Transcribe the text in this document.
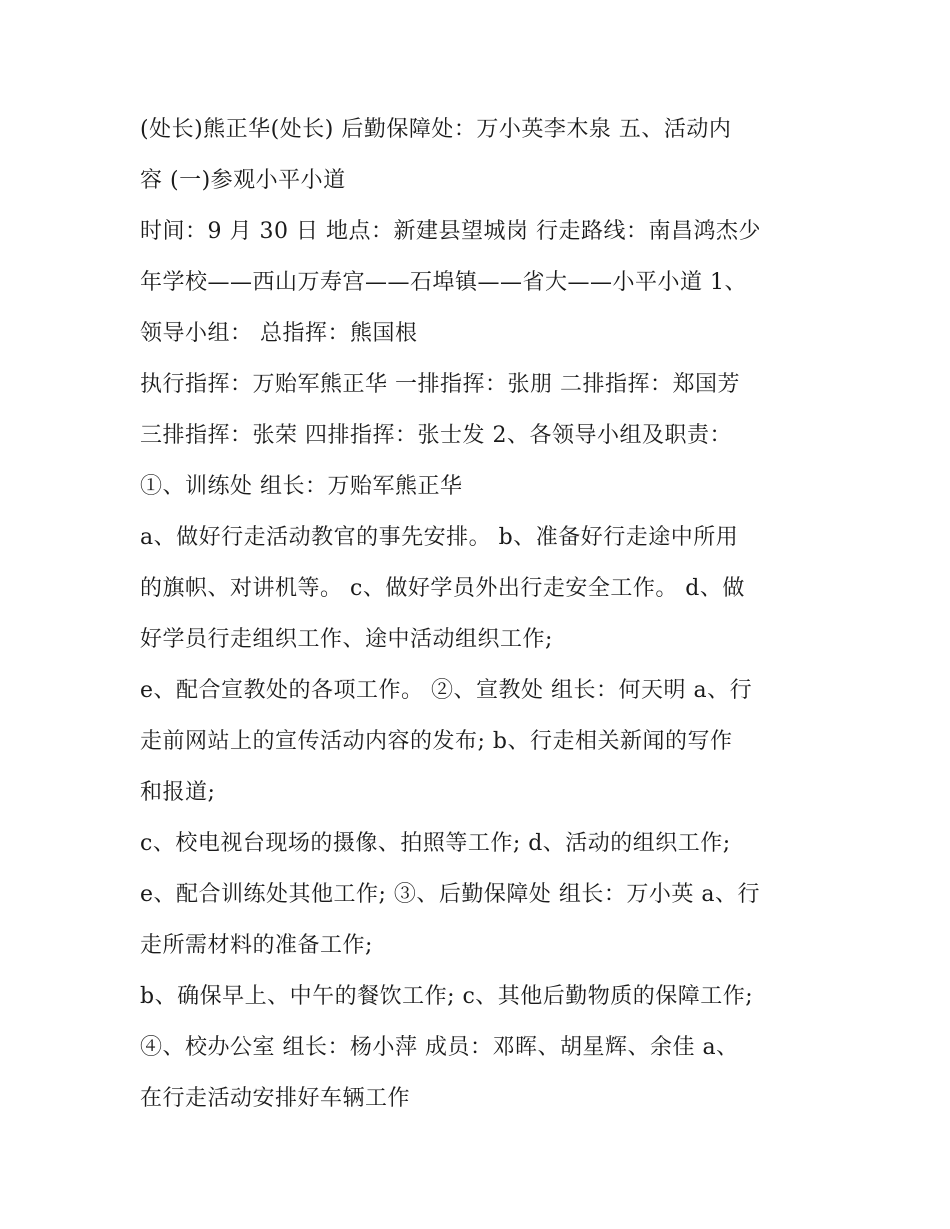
(处长)熊正华(处长) 后勤保障处：万小英李木泉 五、活动内
容 (一)参观小平小道
时间：9 月 30 日 地点：新建县望城岗 行走路线：南昌鸿杰少
年学校——西山万寿宫——石埠镇——省大——小平小道 1、
领导小组： 总指挥：熊国根
执行指挥：万贻军熊正华 一排指挥：张朋 二排指挥：郑国芳
三排指挥：张荣 四排指挥：张士发 2、各领导小组及职责：
①、训练处 组长：万贻军熊正华
a、做好行走活动教官的事先安排。 b、准备好行走途中所用
的旗帜、对讲机等。 c、做好学员外出行走安全工作。 d、做
好学员行走组织工作、途中活动组织工作;
e、配合宣教处的各项工作。 ②、宣教处 组长：何天明 a、行
走前网站上的宣传活动内容的发布; b、行走相关新闻的写作
和报道;
c、校电视台现场的摄像、拍照等工作; d、活动的组织工作;
e、配合训练处其他工作; ③、后勤保障处 组长：万小英 a、行
走所需材料的准备工作;
b、确保早上、中午的餐饮工作; c、其他后勤物质的保障工作;
④、校办公室 组长：杨小萍 成员：邓晖、胡星辉、余佳 a、
在行走活动安排好车辆工作
